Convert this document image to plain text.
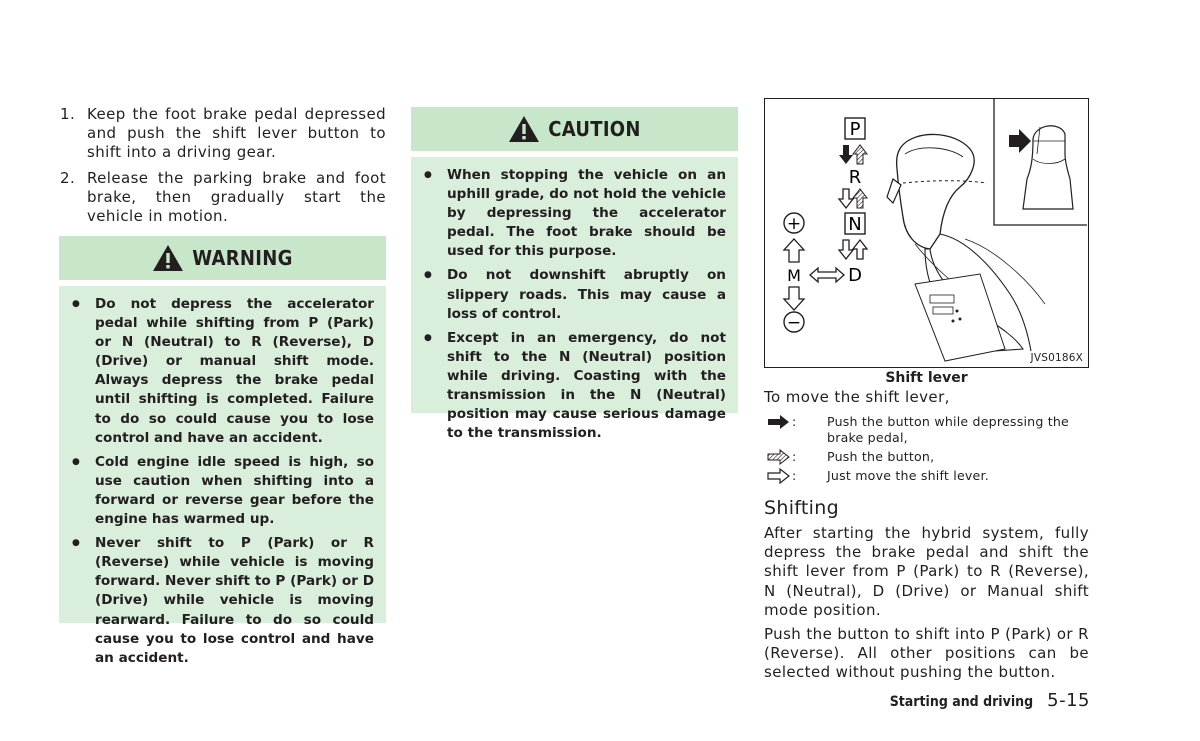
1. Keep the foot brake pedal depressed and push the shift lever button to shift into a driving gear.
2. Release the parking brake and foot brake, then gradually start the vehicle in motion.
WARNING
● Do not depress the accelerator pedal while shifting from P (Park) or N (Neutral) to R (Reverse), D (Drive) or manual shift mode. Always depress the brake pedal until shifting is completed. Failure to do so could cause you to lose control and have an accident.
● Cold engine idle speed is high, so use caution when shifting into a forward or reverse gear before the engine has warmed up.
● Never shift to P (Park) or R (Reverse) while vehicle is moving forward. Never shift to P (Park) or D (Drive) while vehicle is moving rearward. Failure to do so could cause you to lose control and have an accident.
CAUTION
● When stopping the vehicle on an uphill grade, do not hold the vehicle by depressing the accelerator pedal. The foot brake should be used for this purpose.
● Do not downshift abruptly on slippery roads. This may cause a loss of control.
● Except in an emergency, do not shift to the N (Neutral) position while driving. Coasting with the transmission in the N (Neutral) position may cause serious damage to the transmission.
P
R
N
D
M
+
−
JVS0186X
Shift lever
To move the shift lever,
:	Push the button while depressing the brake pedal,
:	Push the button,
:	Just move the shift lever.
Shifting
After starting the hybrid system, fully depress the brake pedal and shift the shift lever from P (Park) to R (Reverse), N (Neutral), D (Drive) or Manual shift mode position.
Push the button to shift into P (Park) or R (Reverse). All other positions can be selected without pushing the button.
Starting and driving 5-15
